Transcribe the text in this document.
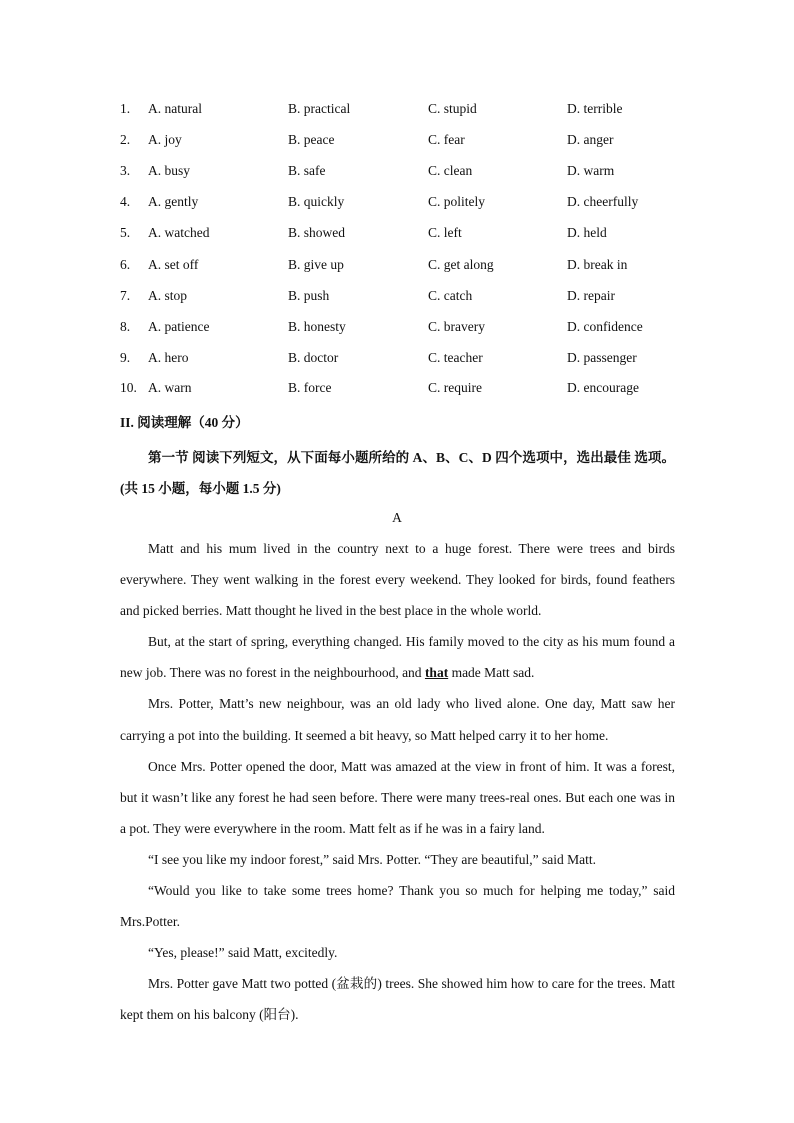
1. A. natural	B. practical	C. stupid	D. terrible
2. A. joy	B. peace	C. fear	D. anger
3. A. busy	B. safe	C. clean	D. warm
4. A. gently	B. quickly	C. politely	D. cheerfully
5. A. watched	B. showed	C. left	D. held
6. A. set off	B. give up	C. get along	D. break in
7. A. stop	B. push	C. catch	D. repair
8. A. patience	B. honesty	C. bravery	D. confidence
9. A. hero	B. doctor	C. teacher	D. passenger
10. A. warn	B. force	C. require	D. encourage
II. 阅读理解（40 分）
第一节 阅读下列短文，从下面每小题所给的 A、B、C、D 四个选项中，选出最佳 选项。(共 15 小题，每小题 1.5 分)
A

Matt and his mum lived in the country next to a huge forest. There were trees and birds everywhere. They went walking in the forest every weekend. They looked for birds, found feathers and picked berries. Matt thought he lived in the best place in the whole world.

But, at the start of spring, everything changed. His family moved to the city as his mum found a new job. There was no forest in the neighbourhood, and that made Matt sad.

Mrs. Potter, Matt’s new neighbour, was an old lady who lived alone. One day, Matt saw her carrying a pot into the building. It seemed a bit heavy, so Matt helped carry it to her home.

Once Mrs. Potter opened the door, Matt was amazed at the view in front of him. It was a forest, but it wasn’t like any forest he had seen before. There were many trees-real ones. But each one was in a pot. They were everywhere in the room. Matt felt as if he was in a fairy land.

“I see you like my indoor forest,” said Mrs. Potter. “They are beautiful,” said Matt.

“Would you like to take some trees home? Thank you so much for helping me today,” said Mrs.Potter.

“Yes, please!” said Matt, excitedly.

Mrs. Potter gave Matt two potted (盆栽的) trees. She showed him how to care for the trees. Matt kept them on his balcony (阳台).
